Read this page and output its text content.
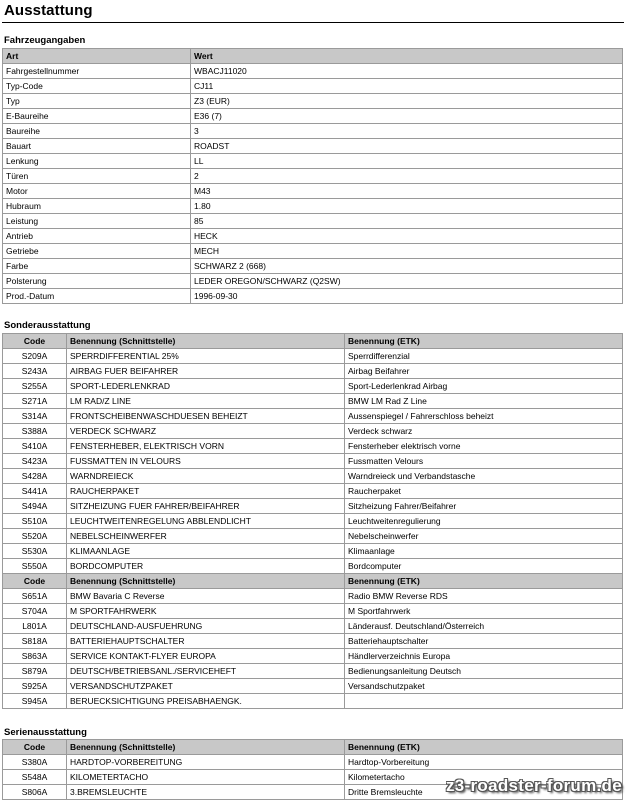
Ausstattung
Fahrzeugangaben
Art	Wert
Fahrgestellnummer	WBACJ11020
Typ-Code	CJ11
Typ	Z3 (EUR)
E-Baureihe	E36 (7)
Baureihe	3
Bauart	ROADST
Lenkung	LL
Türen	2
Motor	M43
Hubraum	1.80
Leistung	85
Antrieb	HECK
Getriebe	MECH
Farbe	SCHWARZ 2 (668)
Polsterung	LEDER OREGON/SCHWARZ (Q2SW)
Prod.-Datum	1996-09-30
Sonderausstattung
Code	Benennung (Schnittstelle)	Benennung (ETK)
S209A	SPERRDIFFERENTIAL 25%	Sperrdifferenzial
S243A	AIRBAG FUER BEIFAHRER	Airbag Beifahrer
S255A	SPORT-LEDERLENKRAD	Sport-Lederlenkrad Airbag
S271A	LM RAD/Z LINE	BMW LM Rad Z Line
S314A	FRONTSCHEIBENWASCHDUESEN BEHEIZT	Aussenspiegel / Fahrerschloss beheizt
S388A	VERDECK SCHWARZ	Verdeck schwarz
S410A	FENSTERHEBER, ELEKTRISCH VORN	Fensterheber elektrisch vorne
S423A	FUSSMATTEN IN VELOURS	Fussmatten Velours
S428A	WARNDREIECK	Warndreieck und Verbandstasche
S441A	RAUCHERPAKET	Raucherpaket
S494A	SITZHEIZUNG FUER FAHRER/BEIFAHRER	Sitzheizung Fahrer/Beifahrer
S510A	LEUCHTWEITENREGELUNG ABBLENDLICHT	Leuchtweitenregulierung
S520A	NEBELSCHEINWERFER	Nebelscheinwerfer
S530A	KLIMAANLAGE	Klimaanlage
S550A	BORDCOMPUTER	Bordcomputer
Code	Benennung (Schnittstelle)	Benennung (ETK)
S651A	BMW Bavaria C Reverse	Radio BMW Reverse RDS
S704A	M SPORTFAHRWERK	M Sportfahrwerk
L801A	DEUTSCHLAND-AUSFUEHRUNG	Länderausf. Deutschland/Österreich
S818A	BATTERIEHAUPTSCHALTER	Batteriehauptschalter
S863A	SERVICE KONTAKT-FLYER EUROPA	Händlerverzeichnis Europa
S879A	DEUTSCH/BETRIEBSANL./SERVICEHEFT	Bedienungsanleitung Deutsch
S925A	VERSANDSCHUTZPAKET	Versandschutzpaket
S945A	BERUECKSICHTIGUNG PREISABHAENGK.	
Serienausstattung
Code	Benennung (Schnittstelle)	Benennung (ETK)
S380A	HARDTOP-VORBEREITUNG	Hardtop-Vorbereitung
S548A	KILOMETERTACHO	Kilometertacho
S806A	3.BREMSLEUCHTE	Dritte Bremsleuchte z3-roadster-forum.de
